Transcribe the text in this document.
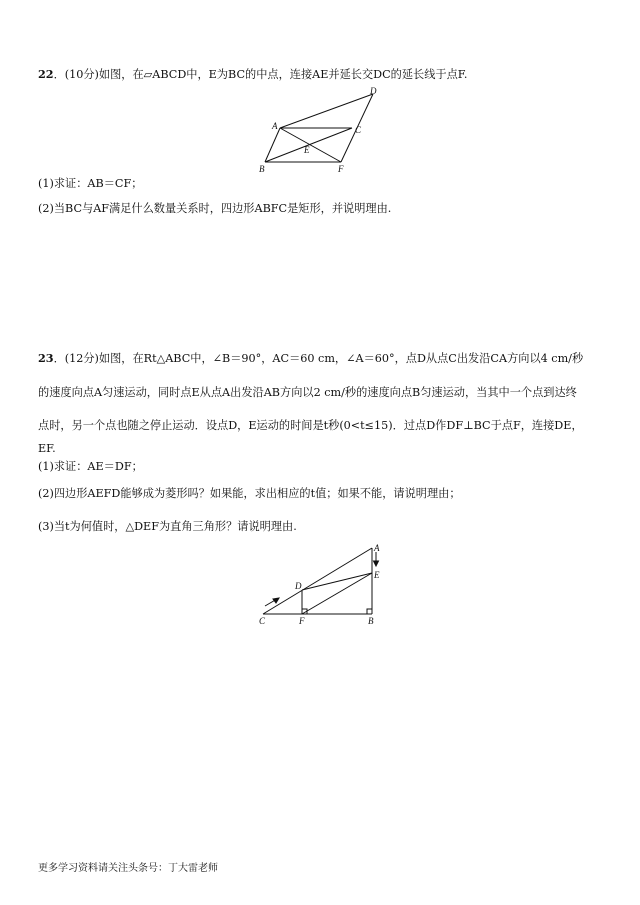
22．(10分)如图，在▱ABCD中，E为BC的中点，连接AE并延长交DC的延长线于点F.
D
A	C
E
B	F
(1)求证：AB＝CF；
(2)当BC与AF满足什么数量关系时，四边形ABFC是矩形，并说明理由.
23．(12分)如图，在Rt△ABC中，∠B＝90°，AC＝60 cm，∠A＝60°，点D从点C出发沿CA方向以4 cm/秒
的速度向点A匀速运动，同时点E从点A出发沿AB方向以2 cm/秒的速度向点B匀速运动，当其中一个点到达终
点时，另一个点也随之停止运动．设点D，E运动的时间是t秒(0<t≤15)．过点D作DF⊥BC于点F，连接DE，
EF.
(1)求证：AE＝DF；
(2)四边形AEFD能够成为菱形吗？如果能，求出相应的t值；如果不能，请说明理由；
(3)当t为何值时，△DEF为直角三角形？请说明理由.
A
E
D
C	F	B
更多学习资料请关注头条号：丁大雷老师
